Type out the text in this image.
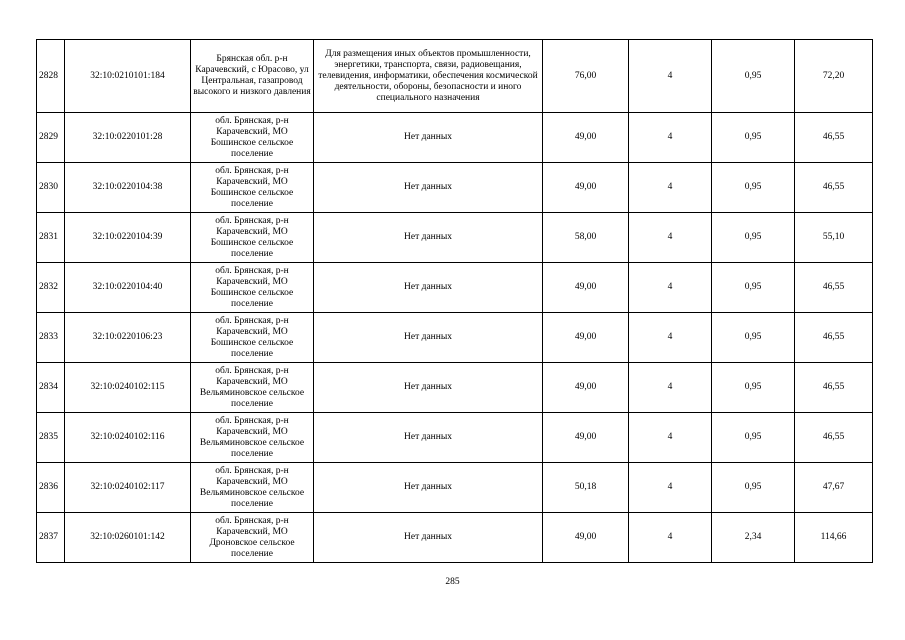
2828	32:10:0210101:184	Брянская обл. р-н Карачевский, с Юрасово, ул Центральная, газапровод высокого и низкого давления	Для размещения иных объектов промышленности, энергетики, транспорта, связи, радиовещания, телевидения, информатики, обеспечения космической деятельности, обороны, безопасности и иного специального назначения	76,00	4	0,95	72,20
2829	32:10:0220101:28	обл. Брянская, р-н Карачевский, МО Бошинское сельское поселение	Нет данных	49,00	4	0,95	46,55
2830	32:10:0220104:38	обл. Брянская, р-н Карачевский, МО Бошинское сельское поселение	Нет данных	49,00	4	0,95	46,55
2831	32:10:0220104:39	обл. Брянская, р-н Карачевский, МО Бошинское сельское поселение	Нет данных	58,00	4	0,95	55,10
2832	32:10:0220104:40	обл. Брянская, р-н Карачевский, МО Бошинское сельское поселение	Нет данных	49,00	4	0,95	46,55
2833	32:10:0220106:23	обл. Брянская, р-н Карачевский, МО Бошинское сельское поселение	Нет данных	49,00	4	0,95	46,55
2834	32:10:0240102:115	обл. Брянская, р-н Карачевский, МО Вельяминовское сельское поселение	Нет данных	49,00	4	0,95	46,55
2835	32:10:0240102:116	обл. Брянская, р-н Карачевский, МО Вельяминовское сельское поселение	Нет данных	49,00	4	0,95	46,55
2836	32:10:0240102:117	обл. Брянская, р-н Карачевский, МО Вельяминовское сельское поселение	Нет данных	50,18	4	0,95	47,67
2837	32:10:0260101:142	обл. Брянская, р-н Карачевский, МО Дроновское сельское поселение	Нет данных	49,00	4	2,34	114,66
285
